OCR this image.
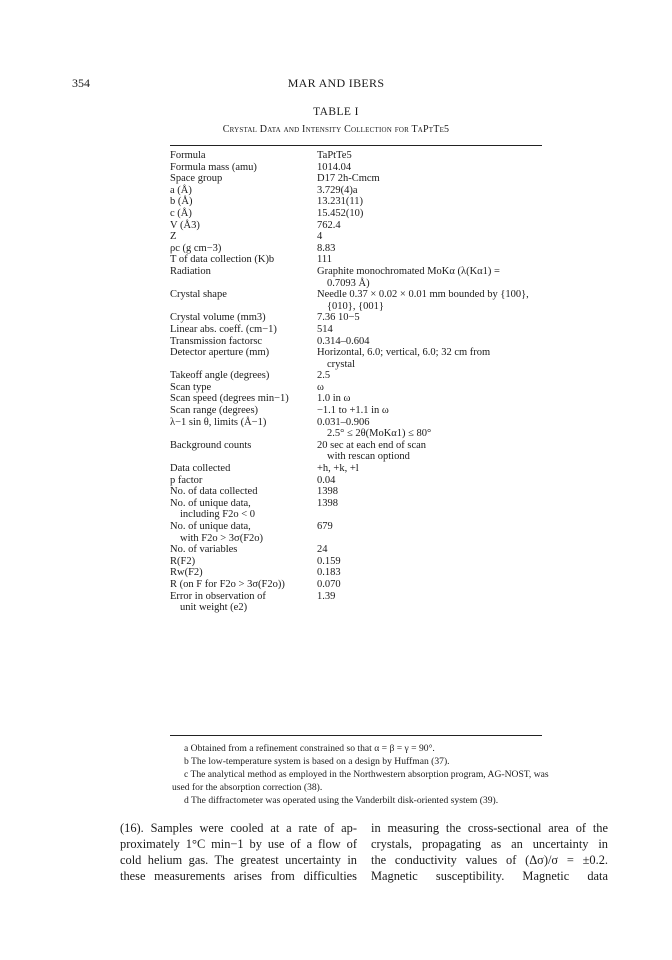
354	MAR AND IBERS
TABLE I
Crystal Data and Intensity Collection for TaPtTe5
Formula	TaPtTe5
Formula mass (amu)	1014.04
Space group	D17 2h-Cmcm
a (Å)	3.729(4)a
b (Å)	13.231(11)
c (Å)	15.452(10)
V (Å3)	762.4
Z	4
ρc (g cm−3)	8.83
T of data collection (K)b	111
Radiation	Graphite monochromated MoKα (λ(Kα1) =
0.7093 Å)
Crystal shape	Needle 0.37 × 0.02 × 0.01 mm bounded by {100},
{010}, {001}
Crystal volume (mm3)	7.36 10−5
Linear abs. coeff. (cm−1)	514
Transmission factorsc	0.314–0.604
Detector aperture (mm)	Horizontal, 6.0; vertical, 6.0; 32 cm from
crystal
Takeoff angle (degrees)	2.5
Scan type	ω
Scan speed (degrees min−1)	1.0 in ω
Scan range (degrees)	−1.1 to +1.1 in ω
λ−1 sin θ, limits (Å−1)	0.031–0.906
2.5° ≤ 2θ(MoKα1) ≤ 80°
Background counts	20 sec at each end of scan
with rescan optiond
Data collected	+h, +k, +l
p factor	0.04
No. of data collected	1398
No. of unique data,	1398
including F2o < 0
No. of unique data,	679
with F2o > 3σ(F2o)
No. of variables	24
R(F2)	0.159
Rw(F2)	0.183
R (on F for F2o > 3σ(F2o))	0.070
Error in observation of	1.39
unit weight (e2)

a Obtained from a refinement constrained so that α = β = γ = 90°.

b The low-temperature system is based on a design by Huffman (37).

c The analytical method as employed in the Northwestern absorption program, AG-NOST, was used for the absorption correction (38).

d The diffractometer was operated using the Vanderbilt disk-oriented system (39).

(16). Samples were cooled at a rate of ap-
proximately 1°C min−1 by use of a flow of
cold helium gas. The greatest uncertainty in
these measurements arises from difficulties
in measuring the cross-sectional area of the
crystals, propagating as an uncertainty in
the conductivity values of (Δσ)/σ = ±0.2.
Magnetic susceptibility. Magnetic data
